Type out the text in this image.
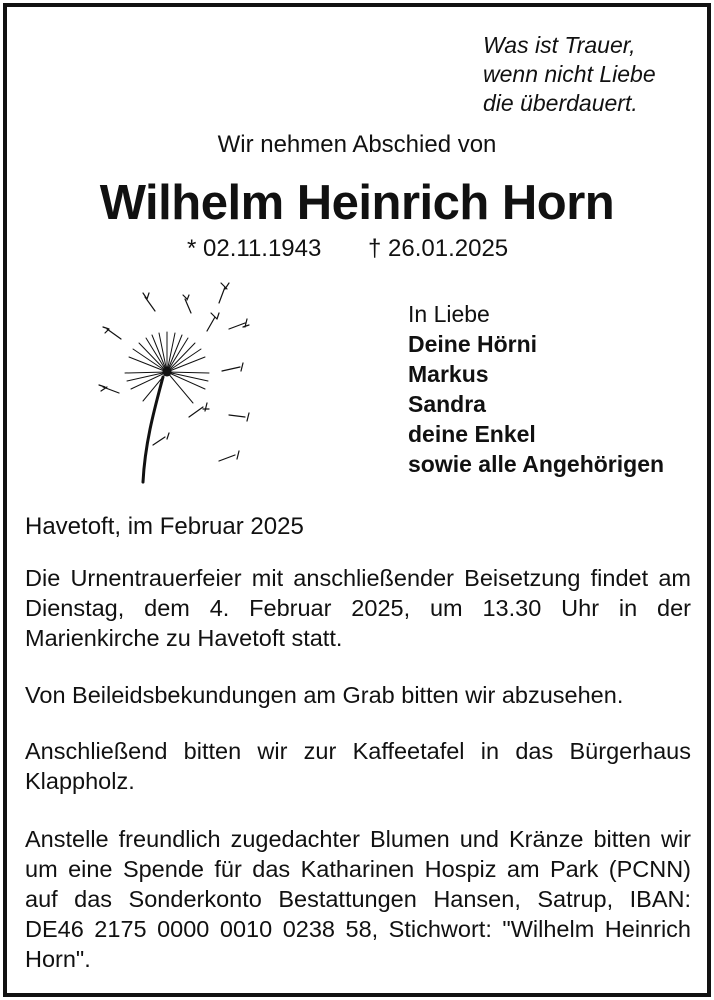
Was ist Trauer,
wenn nicht Liebe
die überdauert.
Wir nehmen Abschied von
Wilhelm Heinrich Horn
* 02.11.1943 † 26.01.2025
In Liebe
Deine Hörni
Markus
Sandra
deine Enkel
sowie alle Angehörigen
Havetoft, im Februar 2025
Die Urnentrauerfeier mit anschließender Beisetzung findet am Dienstag, dem 4. Februar 2025, um 13.30 Uhr in der Marienkirche zu Havetoft statt.
Von Beileidsbekundungen am Grab bitten wir abzusehen.
Anschließend bitten wir zur Kaffeetafel in das Bürgerhaus Klappholz.
Anstelle freundlich zugedachter Blumen und Kränze bitten wir um eine Spende für das Katharinen Hospiz am Park (PCNN) auf das Sonderkonto Bestattungen Hansen, Satrup, IBAN: DE46 2175 0000 0010 0238 58, Stichwort: "Wilhelm Heinrich Horn".
